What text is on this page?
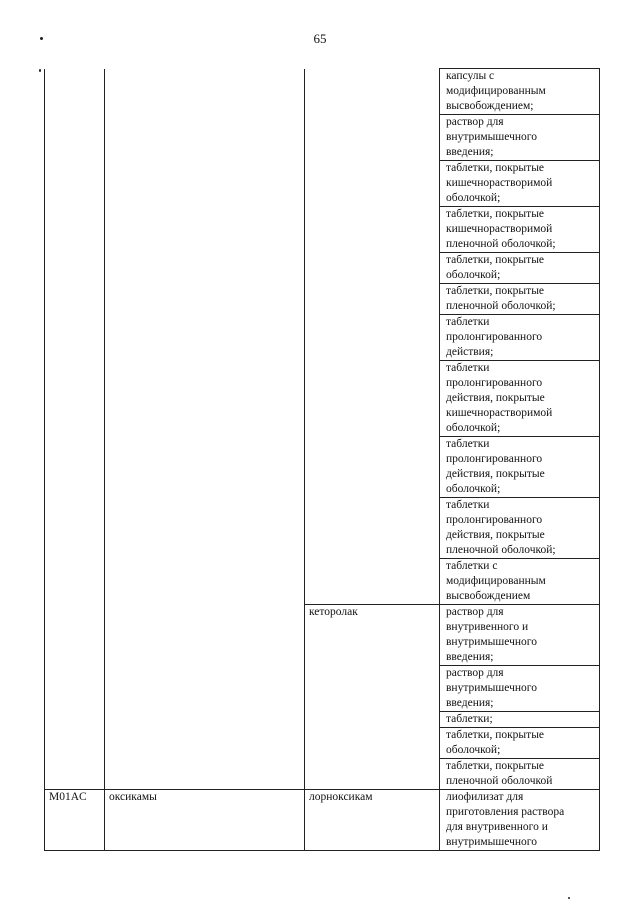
65

			капсулы с
модифицированным
высвобождением;

			раствор для
внутримышечного
введения;

			таблетки, покрытые
кишечнорастворимой
оболочкой;

			таблетки, покрытые
кишечнорастворимой
пленочной оболочкой;

			таблетки, покрытые
оболочкой;

			таблетки, покрытые
пленочной оболочкой;

			таблетки
пролонгированного
действия;

			таблетки
пролонгированного
действия, покрытые
кишечнорастворимой
оболочкой;

			таблетки
пролонгированного
действия, покрытые
оболочкой;

			таблетки
пролонгированного
действия, покрытые
пленочной оболочкой;

			таблетки с
модифицированным
высвобождением

		кеторолак	раствор для
внутривенного и
внутримышечного
введения;

			раствор для
внутримышечного
введения;

			таблетки;

			таблетки, покрытые
оболочкой;

			таблетки, покрытые
пленочной оболочкой

M01AC	оксикамы	лорноксикам	лиофилизат для
приготовления раствора
для внутривенного и
внутримышечного
